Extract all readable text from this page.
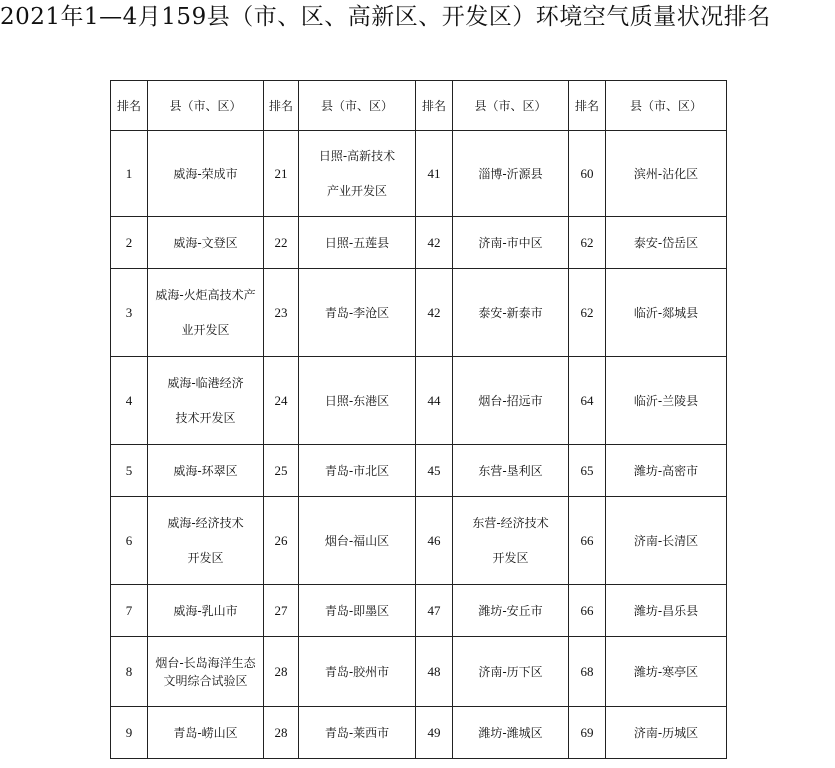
2021年1—4月159县（市、区、高新区、开发区）环境空气质量状况排名
排名	县（市、区）	排名	县（市、区）	排名	县（市、区）	排名	县（市、区）
1	威海-荣成市	21	日照-高新技术
产业开发区	41	淄博-沂源县	60	滨州-沾化区
2	威海-文登区	22	日照-五莲县	42	济南-市中区	62	泰安-岱岳区
3	威海-火炬高技术产
业开发区	23	青岛-李沧区	42	泰安-新泰市	62	临沂-郯城县
4	威海-临港经济
技术开发区	24	日照-东港区	44	烟台-招远市	64	临沂-兰陵县
5	威海-环翠区	25	青岛-市北区	45	东营-垦利区	65	潍坊-高密市
6	威海-经济技术
开发区	26	烟台-福山区	46	东营-经济技术
开发区	66	济南-长清区
7	威海-乳山市	27	青岛-即墨区	47	潍坊-安丘市	66	潍坊-昌乐县
8	烟台-长岛海洋生态
文明综合试验区	28	青岛-胶州市	48	济南-历下区	68	潍坊-寒亭区
9	青岛-崂山区	28	青岛-莱西市	49	潍坊-潍城区	69	济南-历城区
